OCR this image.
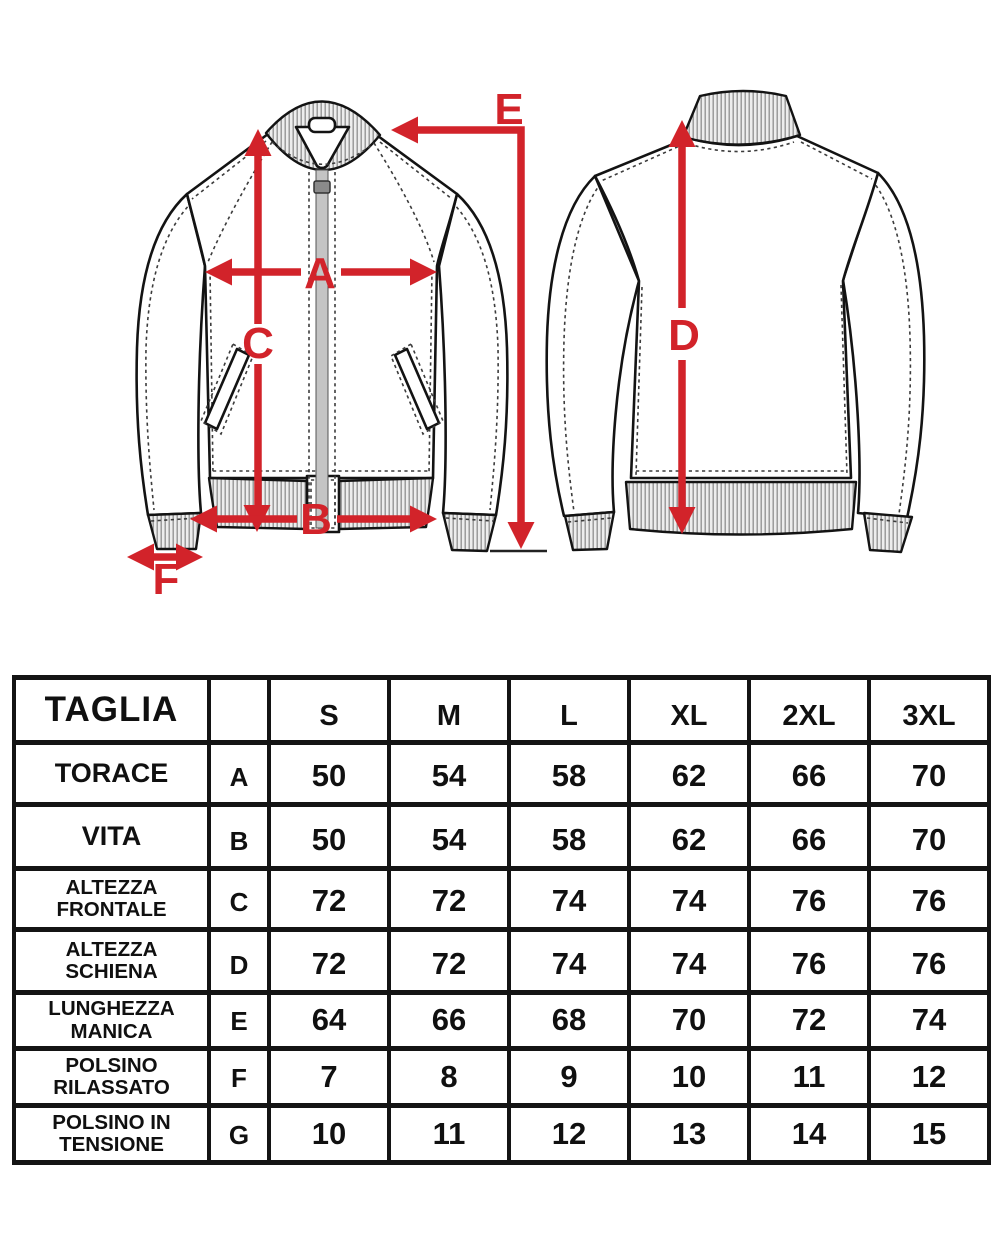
A
C
B
E
F
D
TAGLIA		S	M	L	XL	2XL	3XL

TORACE	A	50	54	58	62	66	70

VITA	B	50	54	58	62	66	70

ALTEZZA
FRONTALE	C	72	72	74	74	76	76

ALTEZZA
SCHIENA	D	72	72	74	74	76	76

LUNGHEZZA
MANICA	E	64	66	68	70	72	74

POLSINO
RILASSATO	F	7	8	9	10	11	12

POLSINO IN
TENSIONE	G	10	11	12	13	14	15
